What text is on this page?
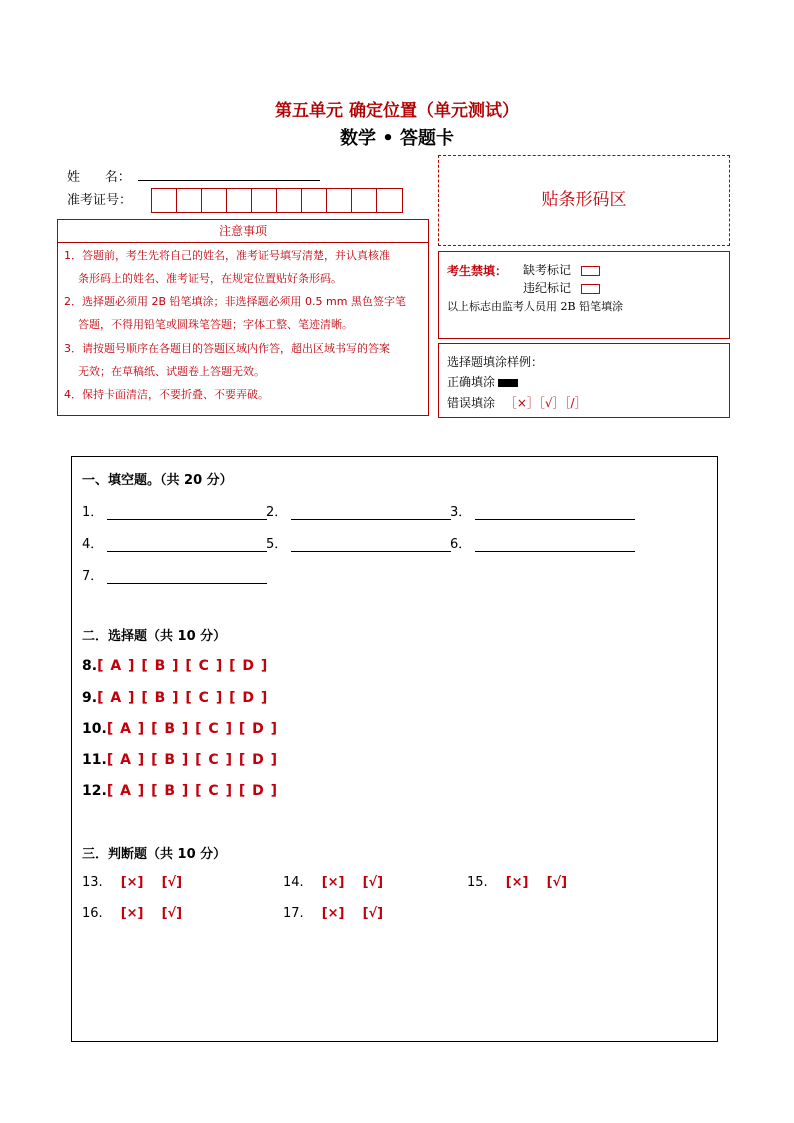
第五单元 确定位置（单元测试）
数学 • 答题卡
姓      名：
准考证号：
注意事项

1．答题前，考生先将自己的姓名，准考证号填写清楚，并认真核准

条形码上的姓名、准考证号，在规定位置贴好条形码。

2．选择题必须用 2B 铅笔填涂；非选择题必须用 0.5 mm 黑色签字笔

答题，不得用铅笔或圆珠笔答题；字体工整、笔迹清晰。

3．请按题号顺序在各题目的答题区域内作答，超出区域书写的答案

无效；在草稿纸、试题卷上答题无效。

4．保持卡面清洁，不要折叠、不要弄破。

贴条形码区
考生禁填： 缺考标记
违纪标记
以上标志由监考人员用 2B 铅笔填涂
选择题填涂样例：
正确填涂
错误填涂 ［×］［√］［/］
一、填空题。（共 20 分）
1．	2．	3．
4．	5．	6．
7．
二．选择题（共 10 分）
8.[ A ] [ B ] [ C ] [ D ]
9.[ A ] [ B ] [ C ] [ D ]
10.[ A ] [ B ] [ C ] [ D ]
11.[ A ] [ B ] [ C ] [ D ]
12.[ A ] [ B ] [ C ] [ D ]
三．判断题（共 10 分）
13. [×]    [√]	14. [×]    [√]	15. [×]    [√]
16. [×]    [√]	17. [×]    [√]
